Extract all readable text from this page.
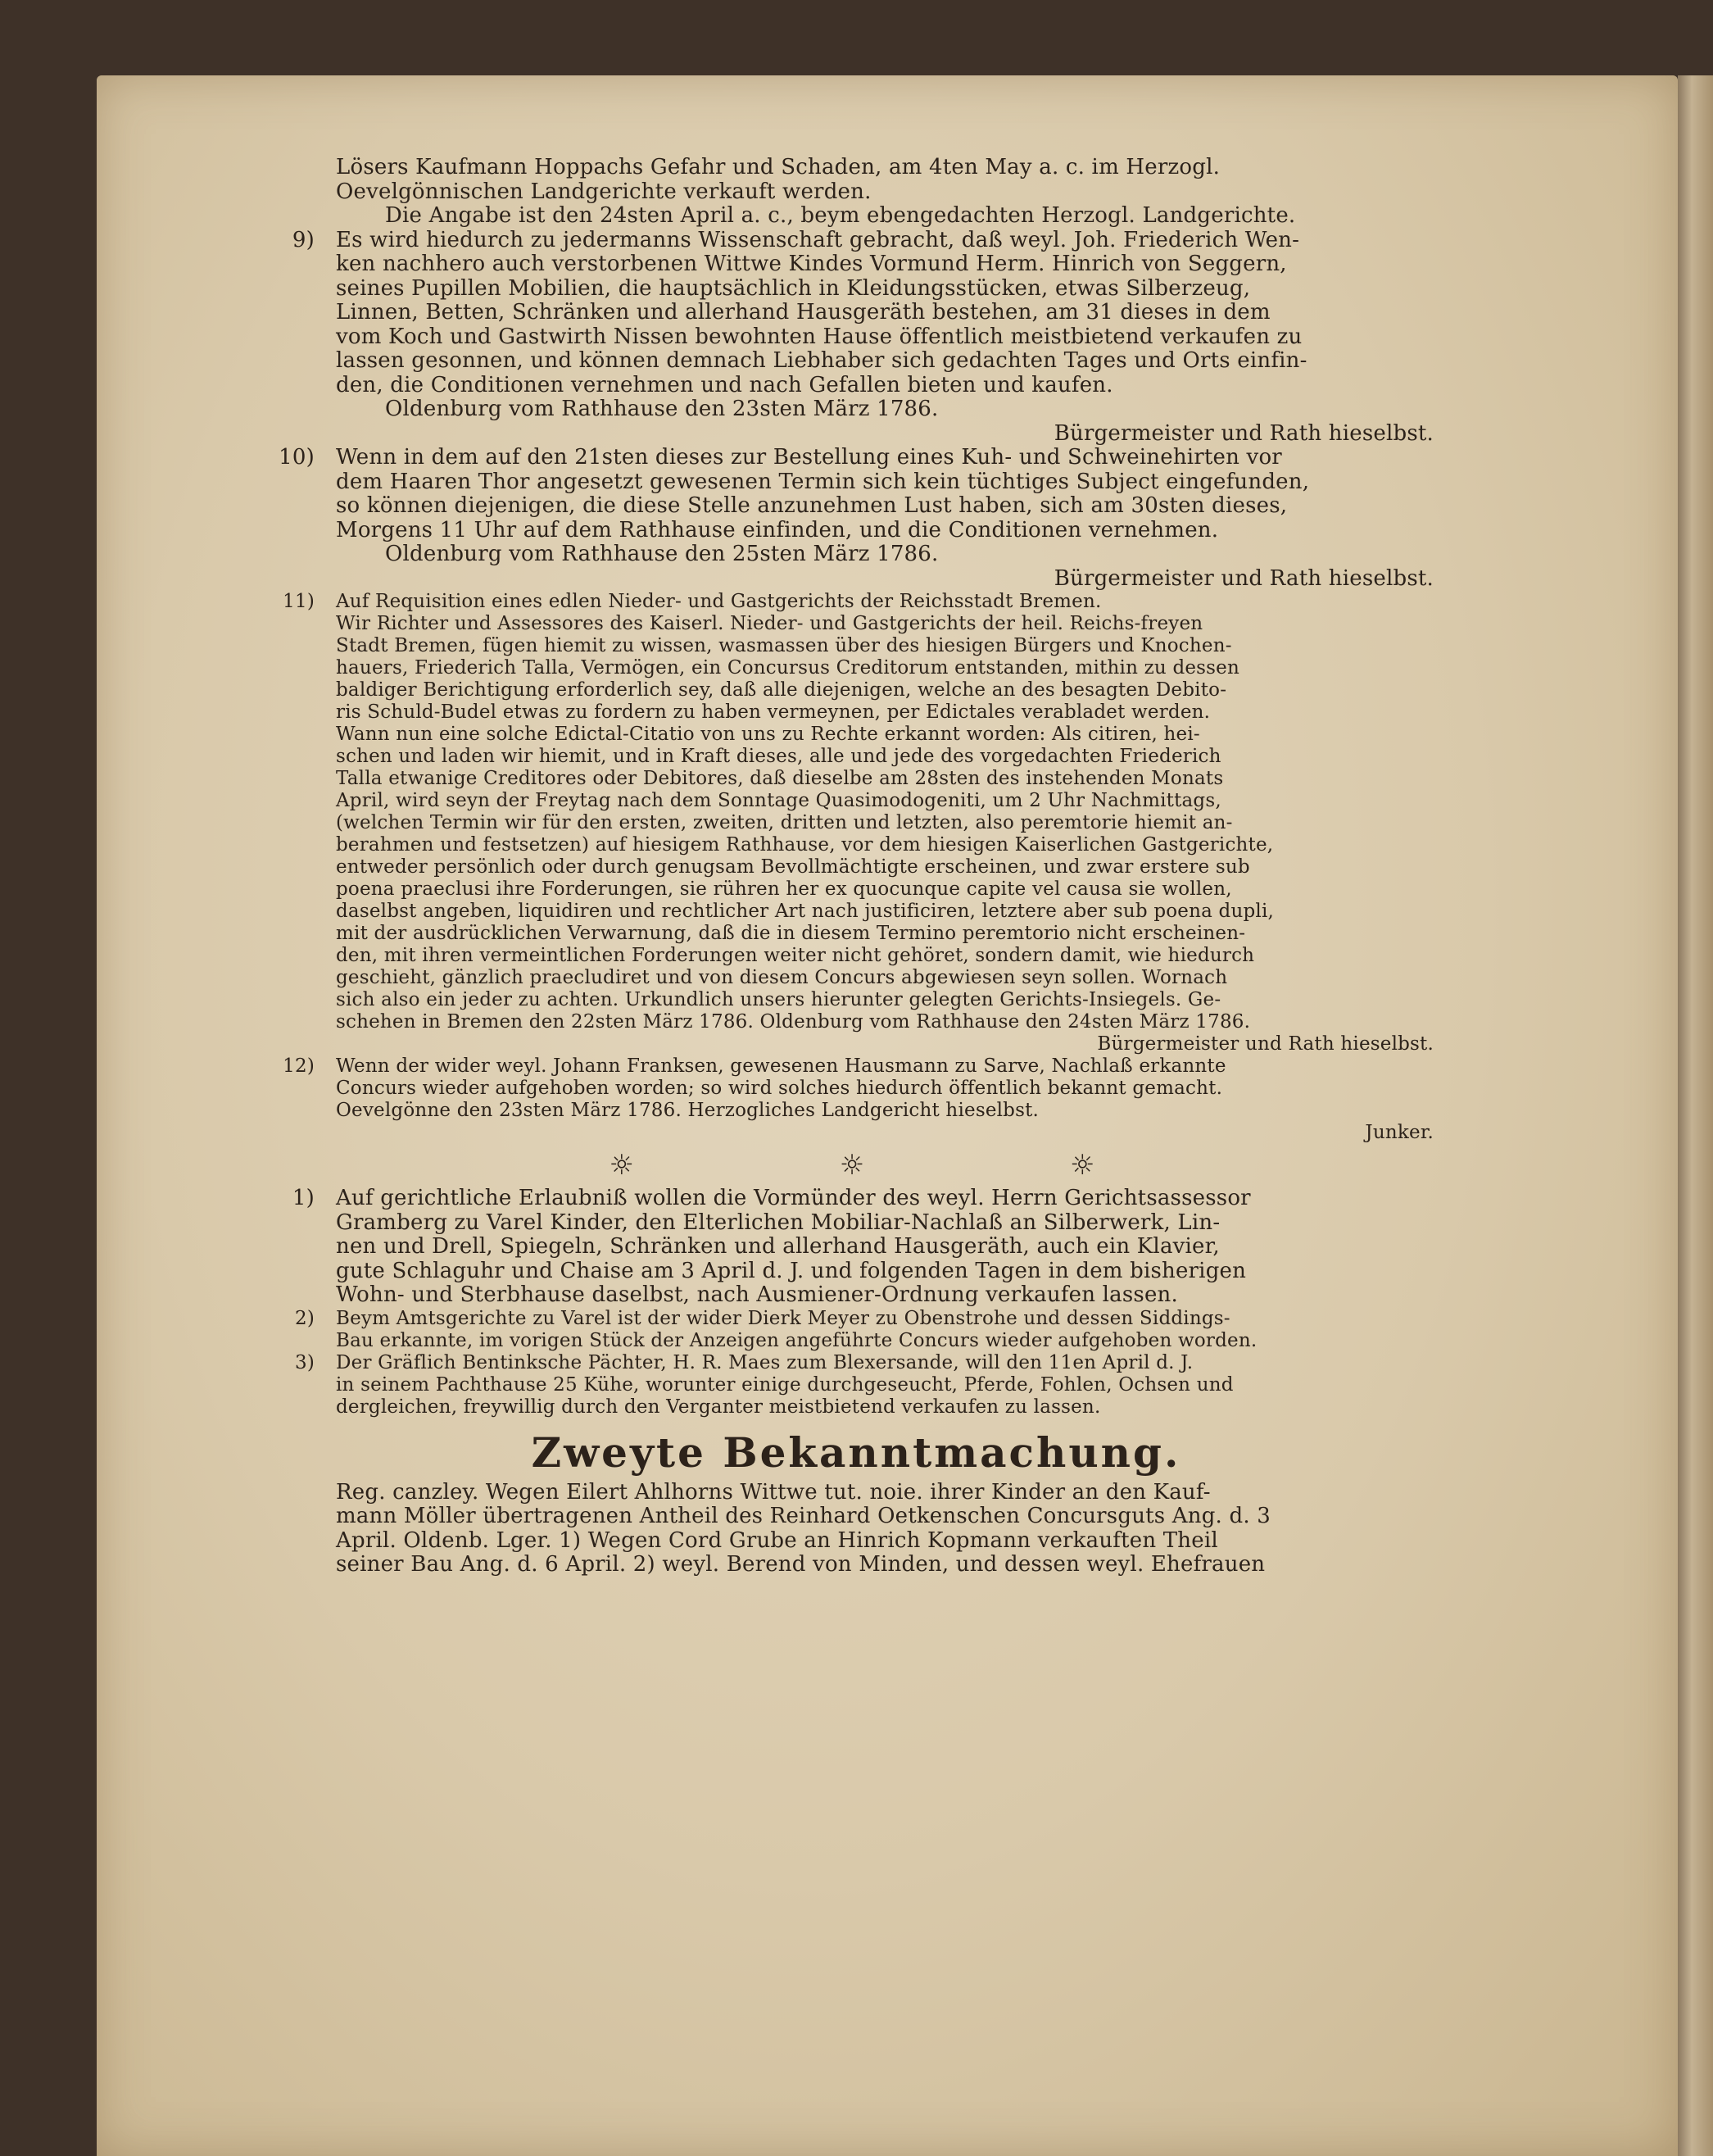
Lösers Kaufmann Hoppachs Gefahr und Schaden, am 4ten May a. c. im Herzogl.
Oevelgönnischen Landgerichte verkauft werden.
Die Angabe ist den 24sten April a. c., beym ebengedachten Herzogl. Landgerichte.
9) Es wird hiedurch zu jedermanns Wissenschaft gebracht, daß weyl. Joh. Friederich Wen-
ken nachhero auch verstorbenen Wittwe Kindes Vormund Herm. Hinrich von Seggern,
seines Pupillen Mobilien, die hauptsächlich in Kleidungsstücken, etwas Silberzeug,
Linnen, Betten, Schränken und allerhand Hausgeräth bestehen, am 31 dieses in dem
vom Koch und Gastwirth Nissen bewohnten Hause öffentlich meistbietend verkaufen zu
lassen gesonnen, und können demnach Liebhaber sich gedachten Tages und Orts einfin-
den, die Conditionen vernehmen und nach Gefallen bieten und kaufen.
Oldenburg vom Rathhause den 23sten März 1786.
Bürgermeister und Rath hieselbst.
10) Wenn in dem auf den 21sten dieses zur Bestellung eines Kuh- und Schweinehirten vor
dem Haaren Thor angesetzt gewesenen Termin sich kein tüchtiges Subject eingefunden,
so können diejenigen, die diese Stelle anzunehmen Lust haben, sich am 30sten dieses,
Morgens 11 Uhr auf dem Rathhause einfinden, und die Conditionen vernehmen.
Oldenburg vom Rathhause den 25sten März 1786.
Bürgermeister und Rath hieselbst.
11) Auf Requisition eines edlen Nieder- und Gastgerichts der Reichsstadt Bremen.
Wir Richter und Assessores des Kaiserl. Nieder- und Gastgerichts der heil. Reichs-freyen
Stadt Bremen, fügen hiemit zu wissen, wasmassen über des hiesigen Bürgers und Knochen-
hauers, Friederich Talla, Vermögen, ein Concursus Creditorum entstanden, mithin zu dessen
baldiger Berichtigung erforderlich sey, daß alle diejenigen, welche an des besagten Debito-
ris Schuld-Budel etwas zu fordern zu haben vermeynen, per Edictales verabladet werden.
Wann nun eine solche Edictal-Citatio von uns zu Rechte erkannt worden: Als citiren, hei-
schen und laden wir hiemit, und in Kraft dieses, alle und jede des vorgedachten Friederich
Talla etwanige Creditores oder Debitores, daß dieselbe am 28sten des instehenden Monats
April, wird seyn der Freytag nach dem Sonntage Quasimodogeniti, um 2 Uhr Nachmittags,
(welchen Termin wir für den ersten, zweiten, dritten und letzten, also peremtorie hiemit an-
berahmen und festsetzen) auf hiesigem Rathhause, vor dem hiesigen Kaiserlichen Gastgerichte,
entweder persönlich oder durch genugsam Bevollmächtigte erscheinen, und zwar erstere sub
poena praeclusi ihre Forderungen, sie rühren her ex quocunque capite vel causa sie wollen,
daselbst angeben, liquidiren und rechtlicher Art nach justificiren, letztere aber sub poena dupli,
mit der ausdrücklichen Verwarnung, daß die in diesem Termino peremtorio nicht erscheinen-
den, mit ihren vermeintlichen Forderungen weiter nicht gehöret, sondern damit, wie hiedurch
geschieht, gänzlich praecludiret und von diesem Concurs abgewiesen seyn sollen. Wornach
sich also ein jeder zu achten. Urkundlich unsers hierunter gelegten Gerichts-Insiegels. Ge-
schehen in Bremen den 22sten März 1786. Oldenburg vom Rathhause den 24sten März 1786.
Bürgermeister und Rath hieselbst.
12) Wenn der wider weyl. Johann Franksen, gewesenen Hausmann zu Sarve, Nachlaß erkannte
Concurs wieder aufgehoben worden; so wird solches hiedurch öffentlich bekannt gemacht.
Oevelgönne den 23sten März 1786. Herzogliches Landgericht hieselbst.
Junker.
☼ ☼ ☼
1) Auf gerichtliche Erlaubniß wollen die Vormünder des weyl. Herrn Gerichtsassessor
Gramberg zu Varel Kinder, den Elterlichen Mobiliar-Nachlaß an Silberwerk, Lin-
nen und Drell, Spiegeln, Schränken und allerhand Hausgeräth, auch ein Klavier,
gute Schlaguhr und Chaise am 3 April d. J. und folgenden Tagen in dem bisherigen
Wohn- und Sterbhause daselbst, nach Ausmiener-Ordnung verkaufen lassen.
2) Beym Amtsgerichte zu Varel ist der wider Dierk Meyer zu Obenstrohe und dessen Siddings-
Bau erkannte, im vorigen Stück der Anzeigen angeführte Concurs wieder aufgehoben worden.
3) Der Gräflich Bentinksche Pächter, H. R. Maes zum Blexersande, will den 11en April d. J.
in seinem Pachthause 25 Kühe, worunter einige durchgeseucht, Pferde, Fohlen, Ochsen und
dergleichen, freywillig durch den Verganter meistbietend verkaufen zu lassen.
Zweyte Bekanntmachung.
Reg. canzley. Wegen Eilert Ahlhorns Wittwe tut. noie. ihrer Kinder an den Kauf-
mann Möller übertragenen Antheil des Reinhard Oetkenschen Concursguts Ang. d. 3
April. Oldenb. Lger. 1) Wegen Cord Grube an Hinrich Kopmann verkauften Theil
seiner Bau Ang. d. 6 April. 2) weyl. Berend von Minden, und dessen weyl. Ehefrauen
